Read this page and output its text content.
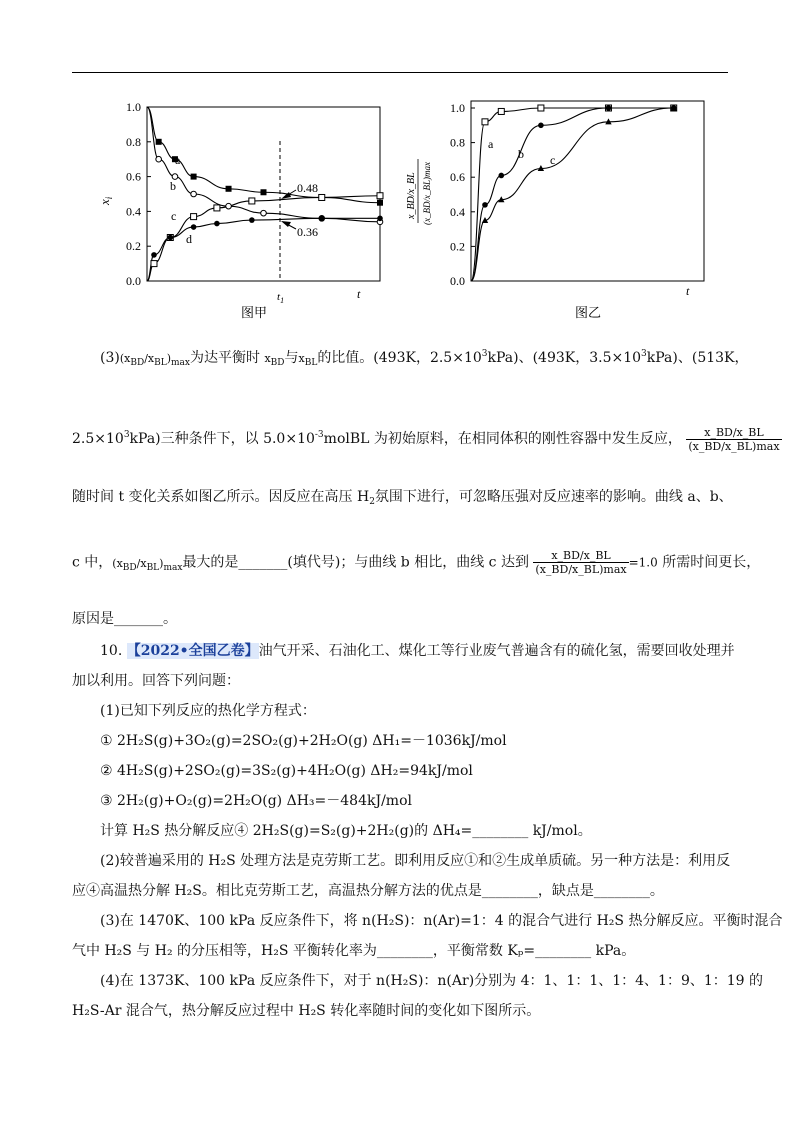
1.0
0.8
0.6
0.4
0.2
0.0
$x_i$
t
$t_1$
图甲
a
b
c
d
0.48
0.36
1.0
0.8
0.6
0.4
0.2
0.0
x_BD/x_BL (x_BD/x_BL)max
t
图乙
a
b c
$(3)(x_{BD}/x_{BL})_{max}$为达平衡时 $x_{BD}$与$x_{BL}$的比值。(493K，$2.5\times 10^3kPa$)、(493K，$3.5\times 10^3kPa$)、(513K，
$2.5\times 10^3kPa$)三种条件下，以 $5.0\times 10^{-3}molBL$ 为初始原料，在相同体积的刚性容器中发生反应， $\frac{x\_BD/x\_BL}{(x\_BD/x\_BL)\max}$
随时间 t 变化关系如图乙所示。因反应在高压 $H_2$氛围下进行，可忽略压强对反应速率的影响。曲线 a、b、
c 中，$(x_{BD}/x_{BL})_{max}$最大的是_______(填代号)；与曲线 b 相比，曲线 c 达到 $\frac{x\_BD/x\_BL}{(x\_BD/x\_BL)\max} =1.0$ 所需时间更长，
原因是_______。
10. 【2022•全国乙卷】油气开采、石油化工、煤化工等行业废气普遍含有的硫化氢，需要回收处理并
加以利用。回答下列问题：
(1)已知下列反应的热化学方程式：
① 2H₂S(g)+3O₂(g)=2SO₂(g)+2H₂O(g) ΔH₁=－1036kJ/mol
② 4H₂S(g)+2SO₂(g)=3S₂(g)+4H₂O(g) ΔH₂=94kJ/mol
③ 2H₂(g)+O₂(g)=2H₂O(g) ΔH₃=－484kJ/mol
计算 H₂S 热分解反应④ 2H₂S(g)=S₂(g)+2H₂(g)的 ΔH₄=________ kJ/mol。
(2)较普遍采用的 H₂S 处理方法是克劳斯工艺。即利用反应①和②生成单质硫。另一种方法是：利用反
应④高温热分解 H₂S。相比克劳斯工艺，高温热分解方法的优点是________，缺点是________。
(3)在 1470K、100 kPa 反应条件下，将 n(H₂S)：n(Ar)=1：4 的混合气进行 H₂S 热分解反应。平衡时混合
气中 H₂S 与 H₂ 的分压相等，H₂S 平衡转化率为________，平衡常数 Kₚ=________ kPa。
(4)在 1373K、100 kPa 反应条件下，对于 n(H₂S)：n(Ar)分别为 4：1、1：1、1：4、1：9、1：19 的
H₂S-Ar 混合气，热分解反应过程中 H₂S 转化率随时间的变化如下图所示。
